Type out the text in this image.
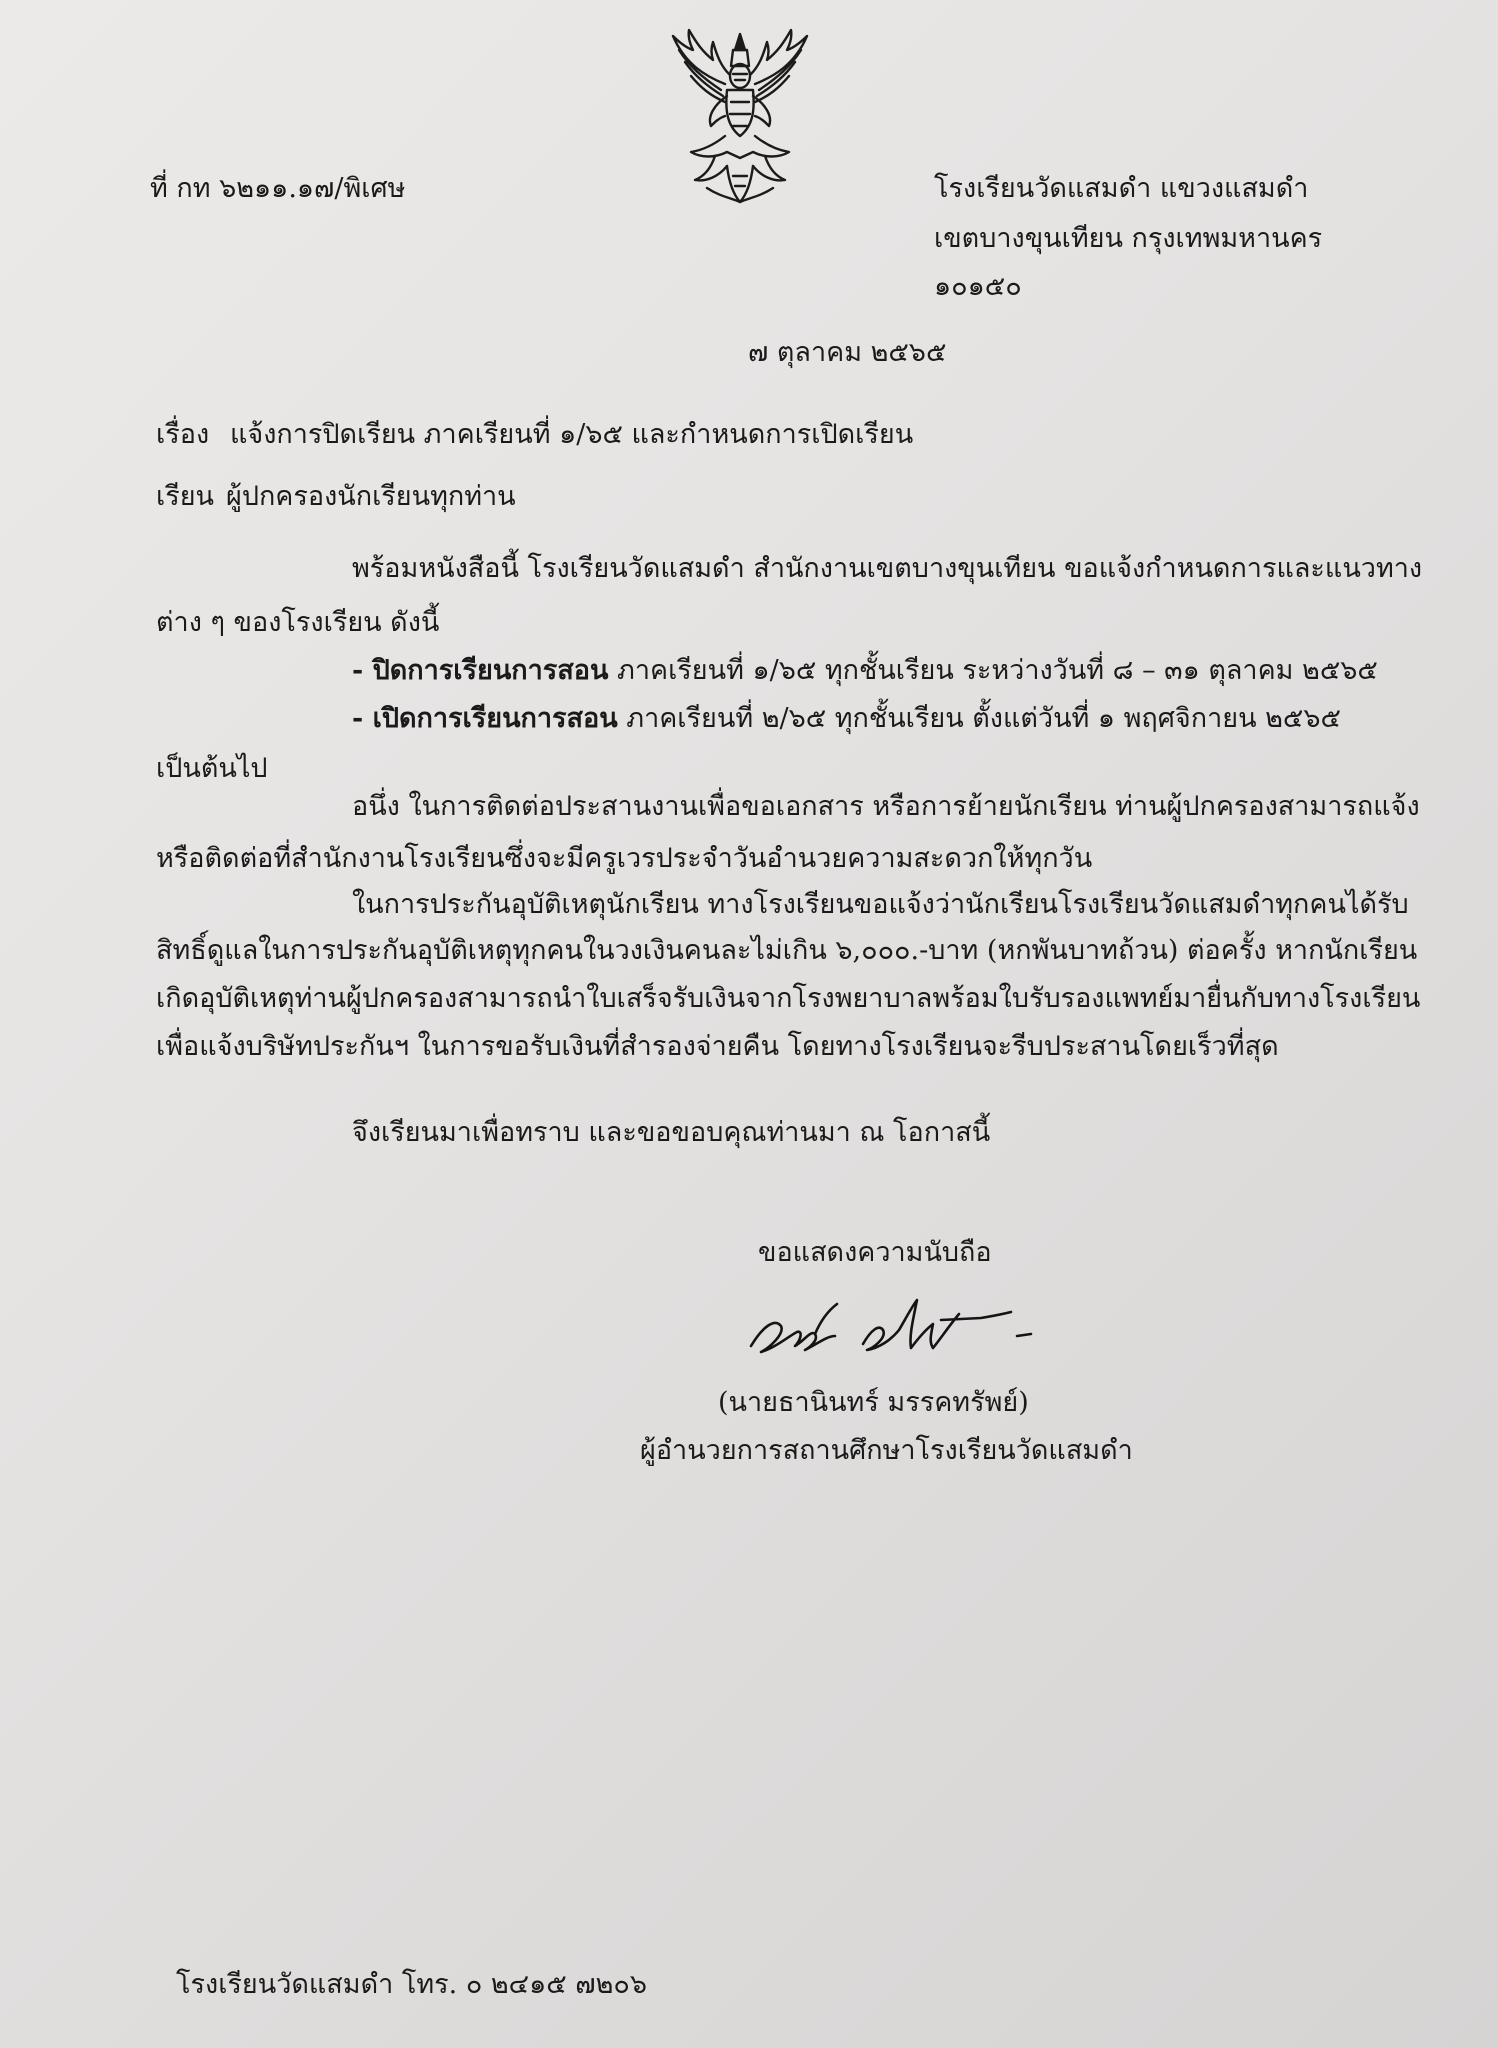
ที่ กท ๖๒๑๑.๑๗/พิเศษ	โรงเรียนวัดแสมดำ แขวงแสมดำ
เขตบางขุนเทียน กรุงเทพมหานคร
๑๐๑๕๐
๗ ตุลาคม ๒๕๖๕
เรื่อง แจ้งการปิดเรียน ภาคเรียนที่ ๑/๖๕ และกำหนดการเปิดเรียน
เรียน ผู้ปกครองนักเรียนทุกท่าน
พร้อมหนังสือนี้ โรงเรียนวัดแสมดำ สำนักงานเขตบางขุนเทียน ขอแจ้งกำหนดการและแนวทาง
ต่าง ๆ ของโรงเรียน ดังนี้
- ปิดการเรียนการสอน ภาคเรียนที่ ๑/๖๕ ทุกชั้นเรียน ระหว่างวันที่ ๘ – ๓๑ ตุลาคม ๒๕๖๕
- เปิดการเรียนการสอน ภาคเรียนที่ ๒/๖๕ ทุกชั้นเรียน ตั้งแต่วันที่ ๑ พฤศจิกายน ๒๕๖๕
เป็นต้นไป
อนึ่ง ในการติดต่อประสานงานเพื่อขอเอกสาร หรือการย้ายนักเรียน ท่านผู้ปกครองสามารถแจ้ง
หรือติดต่อที่สำนักงานโรงเรียนซึ่งจะมีครูเวรประจำวันอำนวยความสะดวกให้ทุกวัน
ในการประกันอุบัติเหตุนักเรียน ทางโรงเรียนขอแจ้งว่านักเรียนโรงเรียนวัดแสมดำทุกคนได้รับ
สิทธิ์ดูแลในการประกันอุบัติเหตุทุกคนในวงเงินคนละไม่เกิน ๖,๐๐๐.-บาท (หกพันบาทถ้วน) ต่อครั้ง หากนักเรียน
เกิดอุบัติเหตุท่านผู้ปกครองสามารถนำใบเสร็จรับเงินจากโรงพยาบาลพร้อมใบรับรองแพทย์มายื่นกับทางโรงเรียน
เพื่อแจ้งบริษัทประกันฯ ในการขอรับเงินที่สำรองจ่ายคืน โดยทางโรงเรียนจะรีบประสานโดยเร็วที่สุด
จึงเรียนมาเพื่อทราบ และขอขอบคุณท่านมา ณ โอกาสนี้
ขอแสดงความนับถือ
(นายธานินทร์ มรรคทรัพย์)
ผู้อำนวยการสถานศึกษาโรงเรียนวัดแสมดำ
โรงเรียนวัดแสมดำ โทร. ๐ ๒๔๑๕ ๗๒๐๖
